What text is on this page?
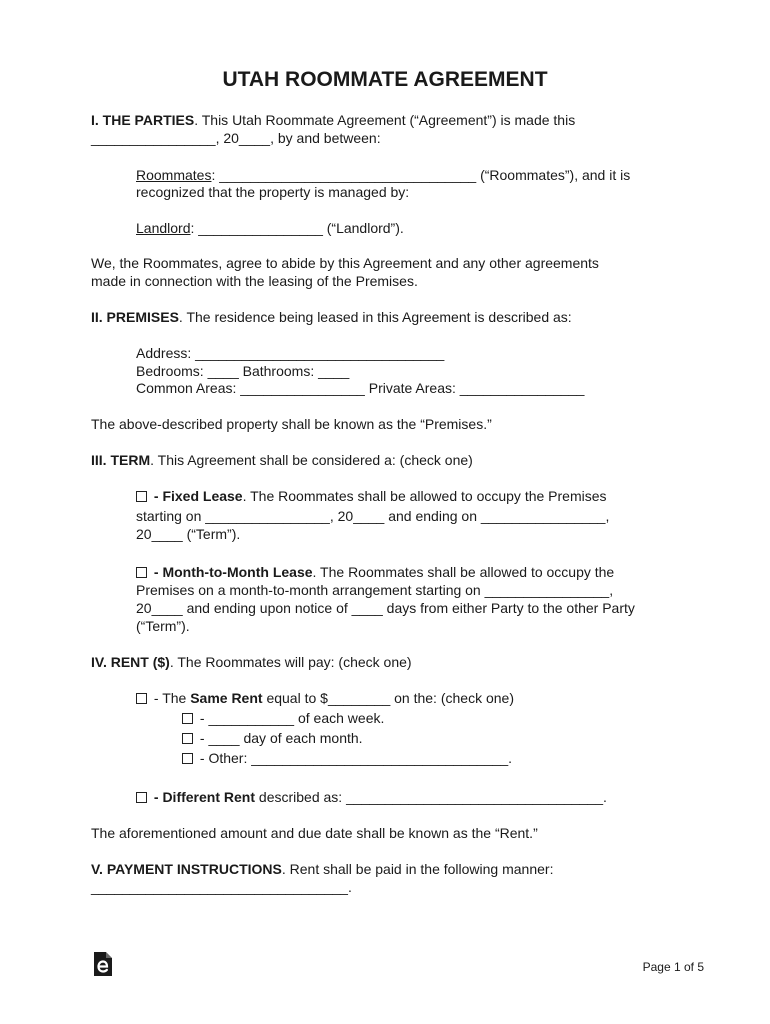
UTAH ROOMMATE AGREEMENT
I. THE PARTIES. This Utah Roommate Agreement (“Agreement”) is made this
________________, 20____, by and between:
Roommates: _________________________________ (“Roommates”), and it is
recognized that the property is managed by:
Landlord: ________________ (“Landlord”).
We, the Roommates, agree to abide by this Agreement and any other agreements
made in connection with the leasing of the Premises.
II. PREMISES. The residence being leased in this Agreement is described as:
Address: ________________________________
Bedrooms: ____ Bathrooms: ____
Common Areas: ________________ Private Areas: ________________
The above-described property shall be known as the “Premises.”
III. TERM. This Agreement shall be considered a: (check one)
- Fixed Lease. The Roommates shall be allowed to occupy the Premises
starting on ________________, 20____ and ending on ________________,
20____ (“Term”).
- Month-to-Month Lease. The Roommates shall be allowed to occupy the
Premises on a month-to-month arrangement starting on ________________,
20____ and ending upon notice of ____ days from either Party to the other Party
(“Term”).
IV. RENT ($). The Roommates will pay: (check one)
- The Same Rent equal to $________ on the: (check one)
- ___________ of each week.
- ____ day of each month.
- Other: _________________________________.
- Different Rent described as: _________________________________.
The aforementioned amount and due date shall be known as the “Rent.”
V. PAYMENT INSTRUCTIONS. Rent shall be paid in the following manner:
_________________________________.
Page 1 of 5
